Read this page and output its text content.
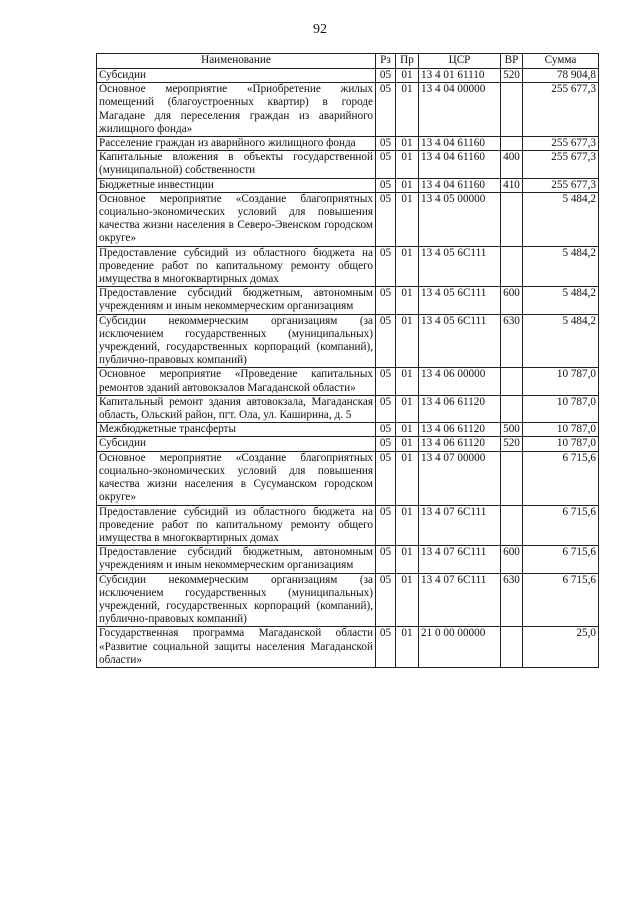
92
Наименование	Рз	Пр	ЦСР	ВР	Сумма
Субсидии	05	01	13 4 01 61110	520	78 904,8
Основное мероприятие «Приобретение жилых помещений (благоустроенных квартир) в городе Магадане для переселения граждан из аварийного жилищного фонда»	05	01	13 4 04 00000		255 677,3
Расселение граждан из аварийного жилищного фонда	05	01	13 4 04 61160		255 677,3
Капитальные вложения в объекты государственной (муниципальной) собственности	05	01	13 4 04 61160	400	255 677,3
Бюджетные инвестиции	05	01	13 4 04 61160	410	255 677,3
Основное мероприятие «Создание благоприятных социально-экономических условий для повышения качества жизни населения в Северо-Эвенском городском округе»	05	01	13 4 05 00000		5 484,2
Предоставление субсидий из областного бюджета на проведение работ по капитальному ремонту общего имущества в многоквартирных домах	05	01	13 4 05 6С111		5 484,2
Предоставление субсидий бюджетным, автономным учреждениям и иным некоммерческим организациям	05	01	13 4 05 6С111	600	5 484,2
Субсидии некоммерческим организациям (за исключением государственных (муниципальных) учреждений, государственных корпораций (компаний), публично-правовых компаний)	05	01	13 4 05 6С111	630	5 484,2
Основное мероприятие «Проведение капитальных ремонтов зданий автовокзалов Магаданской области»	05	01	13 4 06 00000		10 787,0
Капитальный ремонт здания автовокзала, Магаданская область, Ольский район, пгт. Ола, ул. Каширина, д. 5	05	01	13 4 06 61120		10 787,0
Межбюджетные трансферты	05	01	13 4 06 61120	500	10 787,0
Субсидии	05	01	13 4 06 61120	520	10 787,0
Основное мероприятие «Создание благоприятных социально-экономических условий для повышения качества жизни населения в Сусуманском городском округе»	05	01	13 4 07 00000		6 715,6
Предоставление субсидий из областного бюджета на проведение работ по капитальному ремонту общего имущества в многоквартирных домах	05	01	13 4 07 6С111		6 715,6
Предоставление субсидий бюджетным, автономным учреждениям и иным некоммерческим организациям	05	01	13 4 07 6С111	600	6 715,6
Субсидии некоммерческим организациям (за исключением государственных (муниципальных) учреждений, государственных корпораций (компаний), публично-правовых компаний)	05	01	13 4 07 6С111	630	6 715,6
Государственная программа Магаданской области «Развитие социальной защиты населения Магаданской области»	05	01	21 0 00 00000		25,0
